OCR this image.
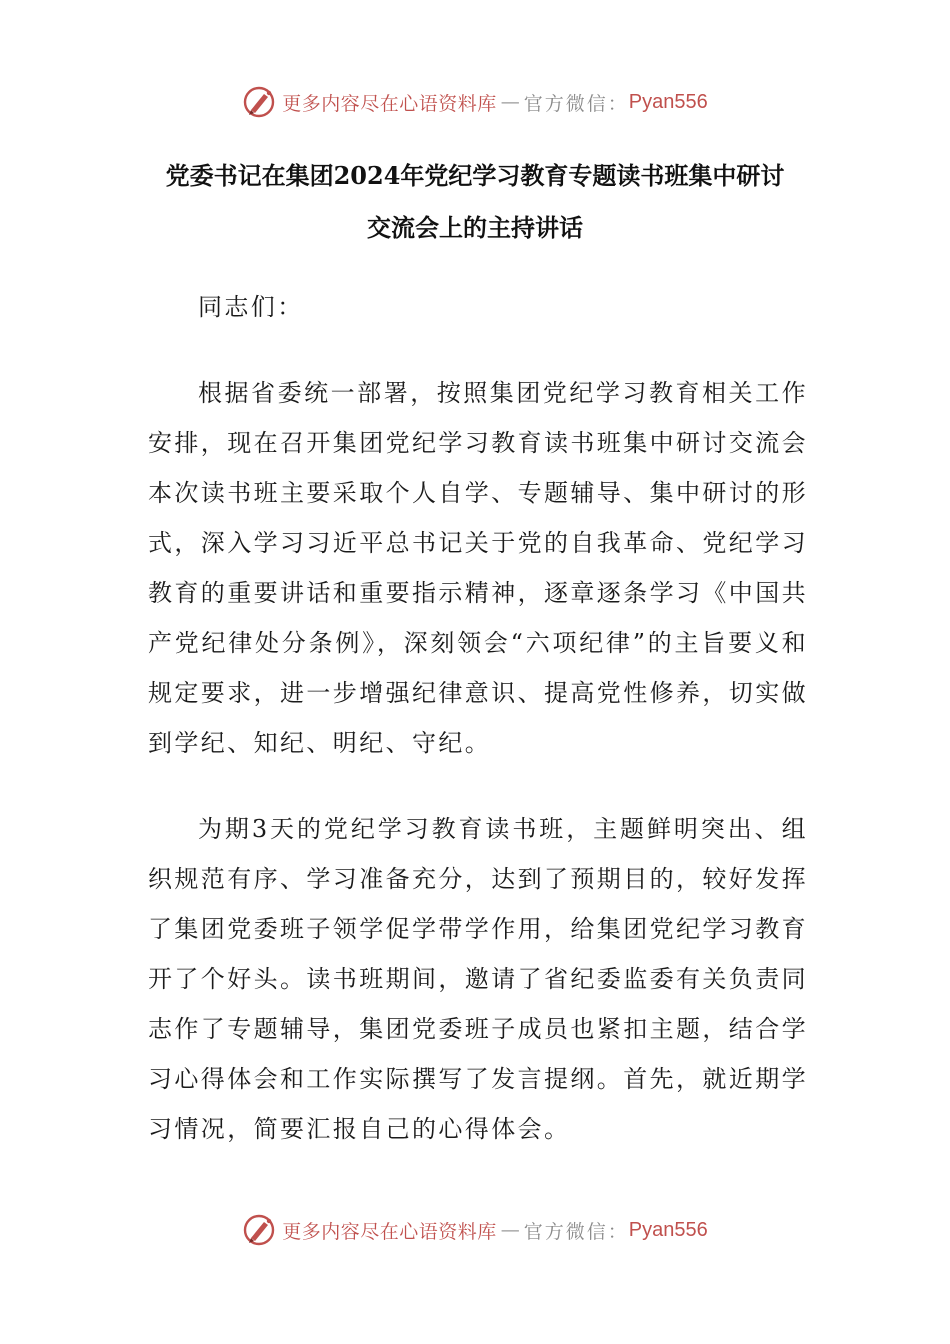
更多内容尽在心语资料库 — 官方微信： Pyan556
党委书记在集团2024年党纪学习教育专题读书班集中研讨
交流会上的主持讲话

同志们：

根据省委统一部署，按照集团党纪学习教育相关工作安排，现在召开集团党纪学习教育读书班集中研讨交流会本次读书班主要采取个人自学、专题辅导、集中研讨的形式，深入学习习近平总书记关于党的自我革命、党纪学习教育的重要讲话和重要指示精神，逐章逐条学习《中国共产党纪律处分条例》，深刻领会“六项纪律”的主旨要义和规定要求，进一步增强纪律意识、提高党性修养，切实做到学纪、知纪、明纪、守纪。

为期3天的党纪学习教育读书班，主题鲜明突出、组织规范有序、学习准备充分，达到了预期目的，较好发挥了集团党委班子领学促学带学作用，给集团党纪学习教育开了个好头。读书班期间，邀请了省纪委监委有关负责同志作了专题辅导，集团党委班子成员也紧扣主题，结合学习心得体会和工作实际撰写了发言提纲。首先，就近期学习情况，简要汇报自己的心得体会。

更多内容尽在心语资料库 — 官方微信： Pyan556
